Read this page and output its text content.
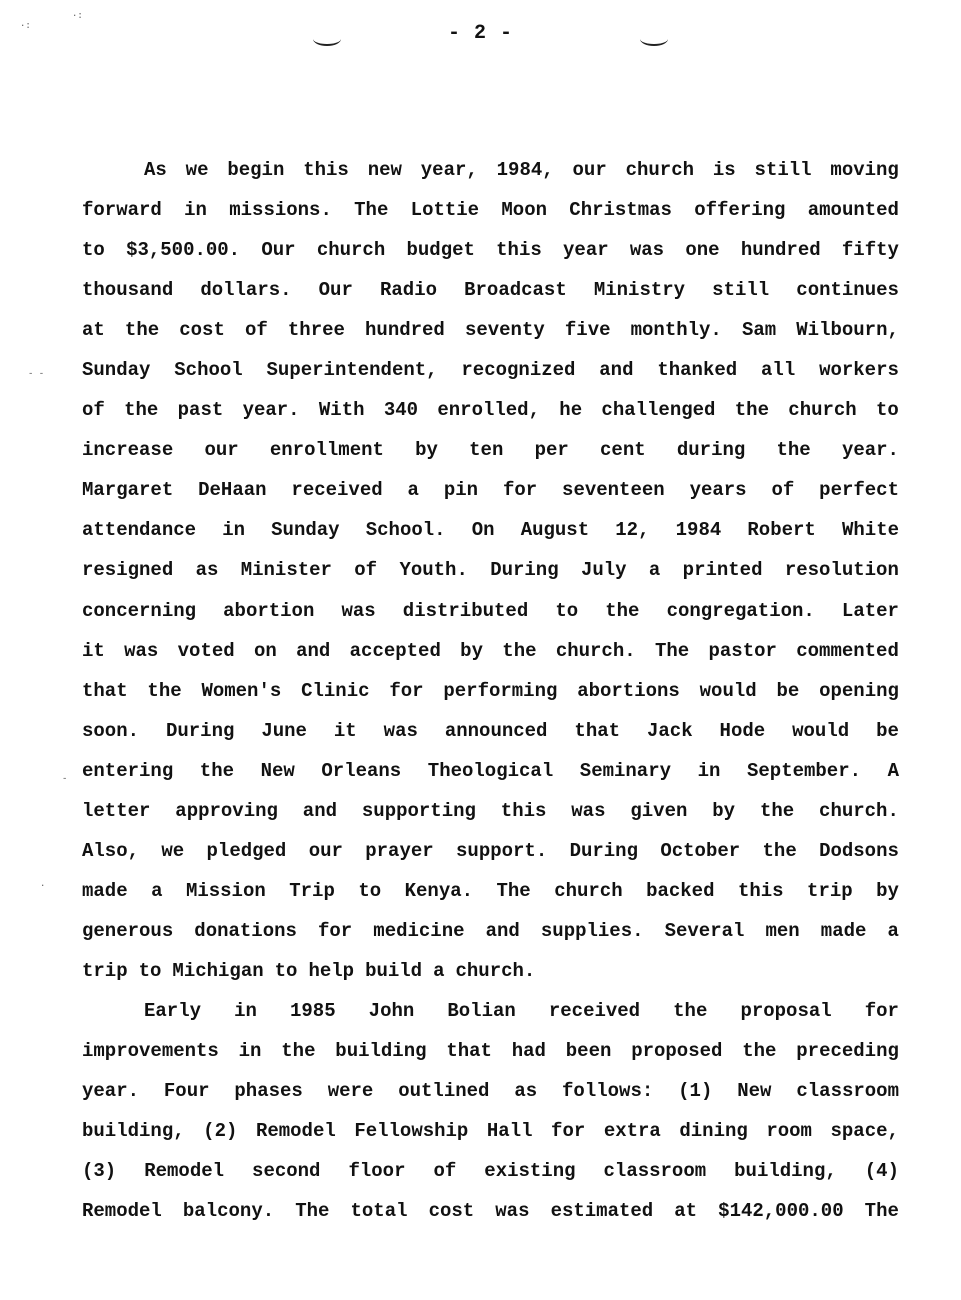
- 2 -
·:
·:
- -
.
-
As we begin this new year, 1984, our church is still moving
forward in missions. The Lottie Moon Christmas offering amounted
to $3,500.00. Our church budget this year was one hundred fifty
thousand dollars. Our Radio Broadcast Ministry still continues
at the cost of three hundred seventy five monthly. Sam Wilbourn,
Sunday School Superintendent, recognized and thanked all workers
of the past year. With 340 enrolled, he challenged the church to
increase our enrollment by ten per cent during the year.
Margaret DeHaan received a pin for seventeen years of perfect
attendance in Sunday School. On August 12, 1984 Robert White
resigned as Minister of Youth. During July a printed resolution
concerning abortion was distributed to the congregation. Later
it was voted on and accepted by the church. The pastor commented
that the Women's Clinic for performing abortions would be opening
soon. During June it was announced that Jack Hode would be
entering the New Orleans Theological Seminary in September. A
letter approving and supporting this was given by the church.
Also, we pledged our prayer support. During October the Dodsons
made a Mission Trip to Kenya. The church backed this trip by
generous donations for medicine and supplies. Several men made a
trip to Michigan to help build a church.
Early in 1985 John Bolian received the proposal for
improvements in the building that had been proposed the preceding
year. Four phases were outlined as follows: (1) New classroom
building, (2) Remodel Fellowship Hall for extra dining room space,
(3) Remodel second floor of existing classroom building, (4)
Remodel balcony. The total cost was estimated at $142,000.00 The
